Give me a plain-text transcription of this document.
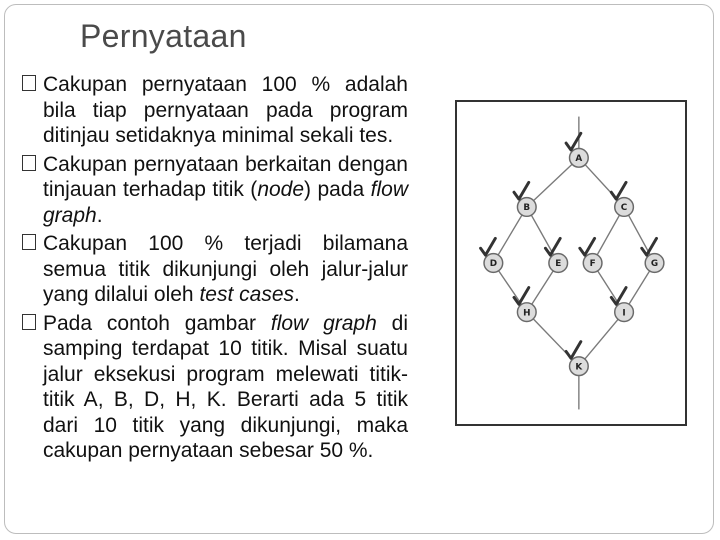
Pernyataan

Cakupan pernyataan 100 % adalah bila tiap pernyataan pada program ditinjau setidaknya minimal sekali tes.

Cakupan pernyataan berkaitan dengan tinjauan terhadap titik (node) pada flow graph.

Cakupan 100 % terjadi bilamana semua titik dikunjungi oleh jalur-jalur yang dilalui oleh test cases.

Pada contoh gambar flow graph di samping terdapat 10 titik. Misal suatu jalur eksekusi program melewati titik-titik A, B, D, H, K. Berarti ada 5 titik dari 10 titik yang dikunjungi, maka cakupan pernyataan sebesar 50 %.

A
B	C
D	E	F	G
H	I
K
